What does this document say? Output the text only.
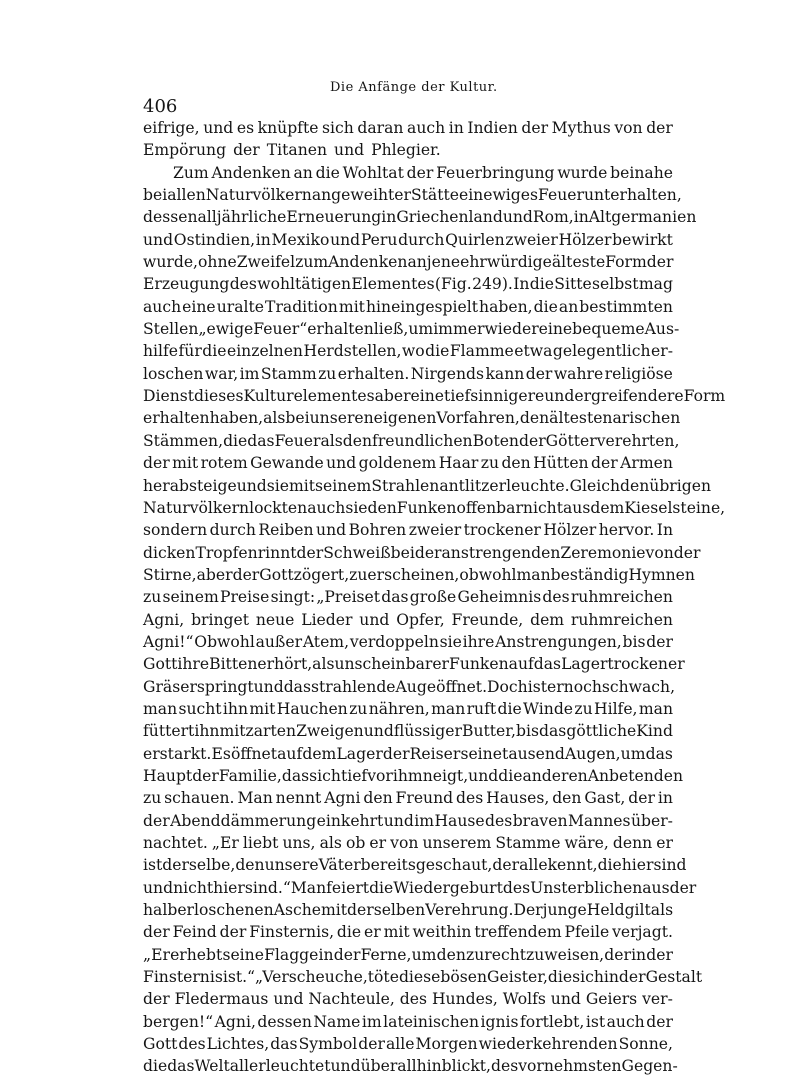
Die Anfänge der Kultur.
406
eifrige, und es knüpfte sich daran auch in Indien der Mythus von der
Empörung der Titanen und Phlegier.
Zum Andenken an die Wohltat der Feuerbringung wurde beinahe
bei allen Naturvölkern an geweihter Stätte ein ewiges Feuer unterhalten,
dessen alljährliche Erneuerung in Griechenland und Rom, in Altgermanien
und Ostindien, in Mexiko und Peru durch Quirlen zweier Hölzer bewirkt
wurde, ohne Zweifel zum Andenken an jene ehrwürdige älteste Form der
Erzeugung des wohltätigen Elementes (Fig. 249). In die Sitte selbst mag
auch eine uralte Tradition mit hineingespielt haben, die an bestimmten
Stellen „ewige Feuer“ erhalten ließ, um immer wieder eine bequeme Aus-
hilfe für die einzelnen Herdstellen, wo die Flamme etwa gelegentlich er-
loschen war, im Stamm zu erhalten. Nirgends kann der wahre religiöse
Dienst dieses Kulturelementes aber eine tiefsinnigere und ergreifendere Form
erhalten haben, als bei unseren eigenen Vorfahren, den ältesten arischen
Stämmen, die das Feuer als den freundlichen Boten der Götter verehrten,
der mit rotem Gewande und goldenem Haar zu den Hütten der Armen
herabsteige und sie mit seinem Strahlenantlitz erleuchte. Gleich den übrigen
Naturvölkern lockten auch sie den Funken offenbar nicht aus dem Kieselsteine,
sondern durch Reiben und Bohren zweier trockener Hölzer hervor. In
dicken Tropfen rinnt der Schweiß bei der anstrengenden Zeremonie von der
Stirne, aber der Gott zögert, zu erscheinen, obwohl man beständig Hymnen
zu seinem Preise singt: „Preiset das große Geheimnis des ruhmreichen
Agni, bringet neue Lieder und Opfer, Freunde, dem ruhmreichen
Agni!“ Obwohl außer Atem, verdoppeln sie ihre Anstrengungen, bis der
Gott ihre Bitten erhört, als unscheinbarer Funken auf das Lager trockener
Gräser springt und das strahlende Auge öffnet. Doch ist er noch schwach,
man sucht ihn mit Hauchen zu nähren, man ruft die Winde zu Hilfe, man
füttert ihn mit zarten Zweigen und flüssiger Butter, bis das göttliche Kind
erstarkt. Es öffnet auf dem Lager der Reiser seine tausend Augen, um das
Haupt der Familie, das sich tief vor ihm neigt, und die anderen Anbetenden
zu schauen. Man nennt Agni den Freund des Hauses, den Gast, der in
der Abenddämmerung einkehrt und im Hause des braven Mannes über-
nachtet. „Er liebt uns, als ob er von unserem Stamme wäre, denn er
ist derselbe, den unsere Väter bereits geschaut, der alle kennt, die hier sind
und nicht hier sind.“ Man feiert die Wiedergeburt des Unsterblichen aus der
halb erloschenen Asche mit derselben Verehrung. Der junge Held gilt als
der Feind der Finsternis, die er mit weithin treffendem Pfeile verjagt.
„Er erhebt seine Flagge in der Ferne, um den zurechtzuweisen, der in der
Finsternis ist.“ „Verscheuche, töte diese bösen Geister, die sich in der Gestalt
der Fledermaus und Nachteule, des Hundes, Wolfs und Geiers ver-
bergen!“ Agni, dessen Name im lateinischen ignis fortlebt, ist auch der
Gott des Lichtes, das Symbol der alle Morgen wiederkehrenden Sonne,
die das Weltall erleuchtet und überall hinblickt, des vornehmsten Gegen-
